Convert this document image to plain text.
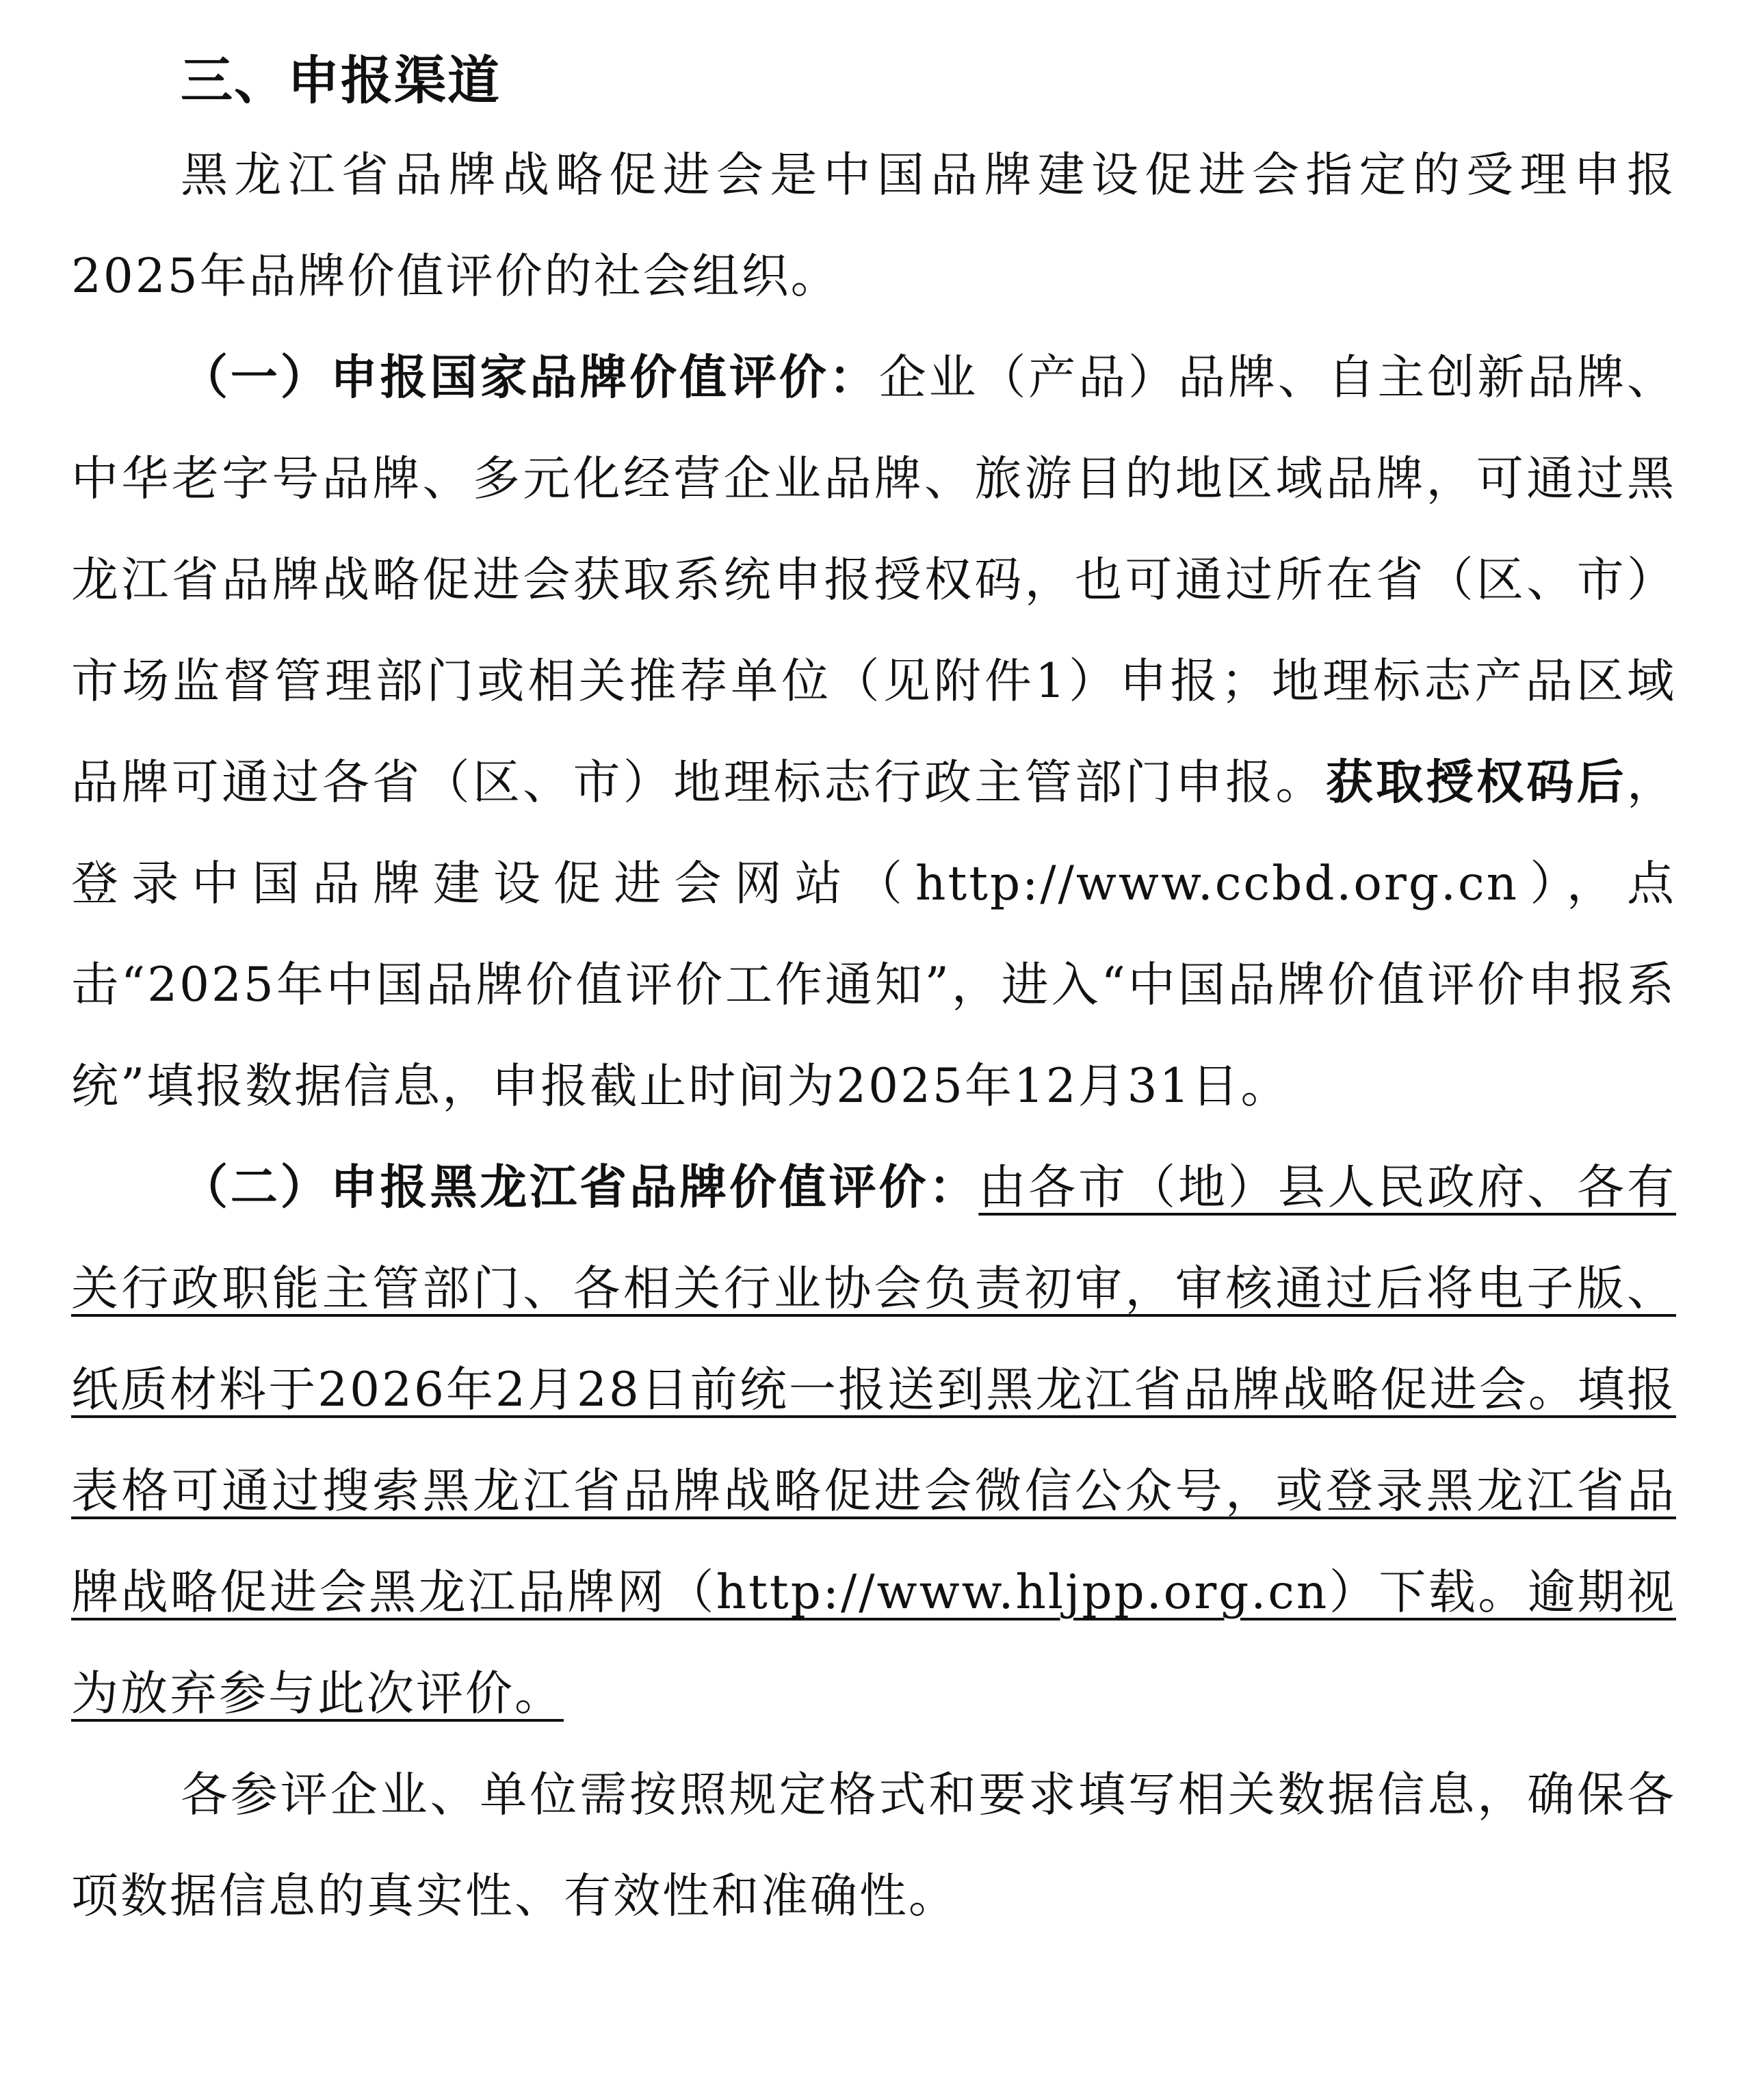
三、申报渠道

黑龙江省品牌战略促进会是中国品牌建设促进会指定的受理申报2025年品牌价值评价的社会组织。

（一）申报国家品牌价值评价：企业（产品）品牌、自主创新品牌、中华老字号品牌、多元化经营企业品牌、旅游目的地区域品牌，可通过黑龙江省品牌战略促进会获取系统申报授权码，也可通过所在省（区、市）市场监督管理部门或相关推荐单位（见附件1）申报；地理标志产品区域品牌可通过各省（区、市）地理标志行政主管部门申报。获取授权码后，登录中国品牌建设促进会网站（http://www.ccbd.org.cn），点击“2025年中国品牌价值评价工作通知”，进入“中国品牌价值评价申报系统”填报数据信息，申报截止时间为2025年12月31日。

（二）申报黑龙江省品牌价值评价：由各市（地）县人民政府、各有关行政职能主管部门、各相关行业协会负责初审，审核通过后将电子版、纸质材料于2026年2月28日前统一报送到黑龙江省品牌战略促进会。填报表格可通过搜索黑龙江省品牌战略促进会微信公众号，或登录黑龙江省品牌战略促进会黑龙江品牌网（http://www.hljpp.org.cn）下载。逾期视为放弃参与此次评价。

各参评企业、单位需按照规定格式和要求填写相关数据信息，确保各项数据信息的真实性、有效性和准确性。
